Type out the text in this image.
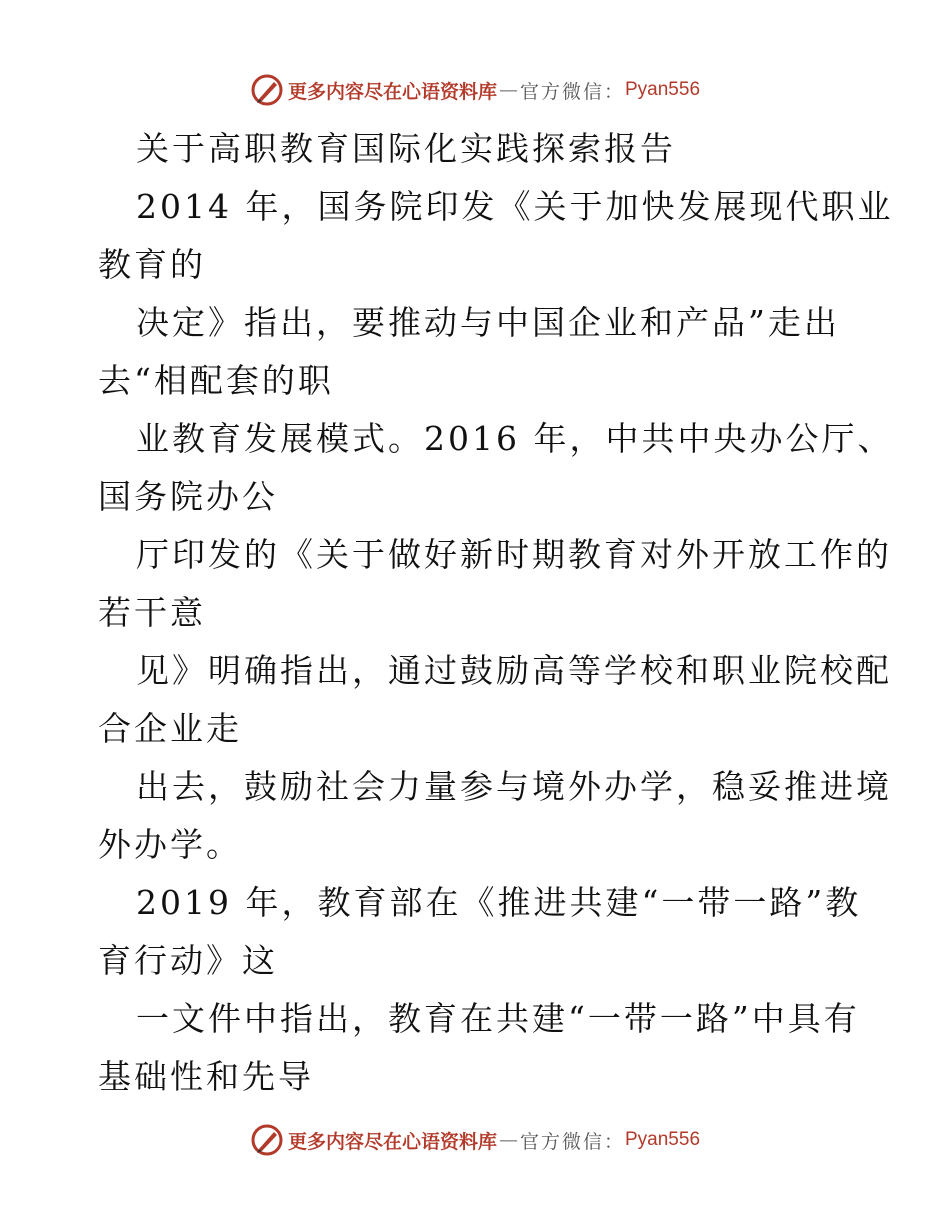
更多内容尽在心语资料库 — 官方微信： Pyan556
关于高职教育国际化实践探索报告
2014 年，国务院印发《关于加快发展现代职业
教育的
决定》指出，要推动与中国企业和产品”走出
去“相配套的职
业教育发展模式。2016 年，中共中央办公厅、
国务院办公
厅印发的《关于做好新时期教育对外开放工作的
若干意
见》明确指出，通过鼓励高等学校和职业院校配
合企业走
出去，鼓励社会力量参与境外办学，稳妥推进境
外办学。
2019 年，教育部在《推进共建“一带一路”教
育行动》这
一文件中指出，教育在共建“一带一路”中具有
基础性和先导
更多内容尽在心语资料库 — 官方微信： Pyan556
